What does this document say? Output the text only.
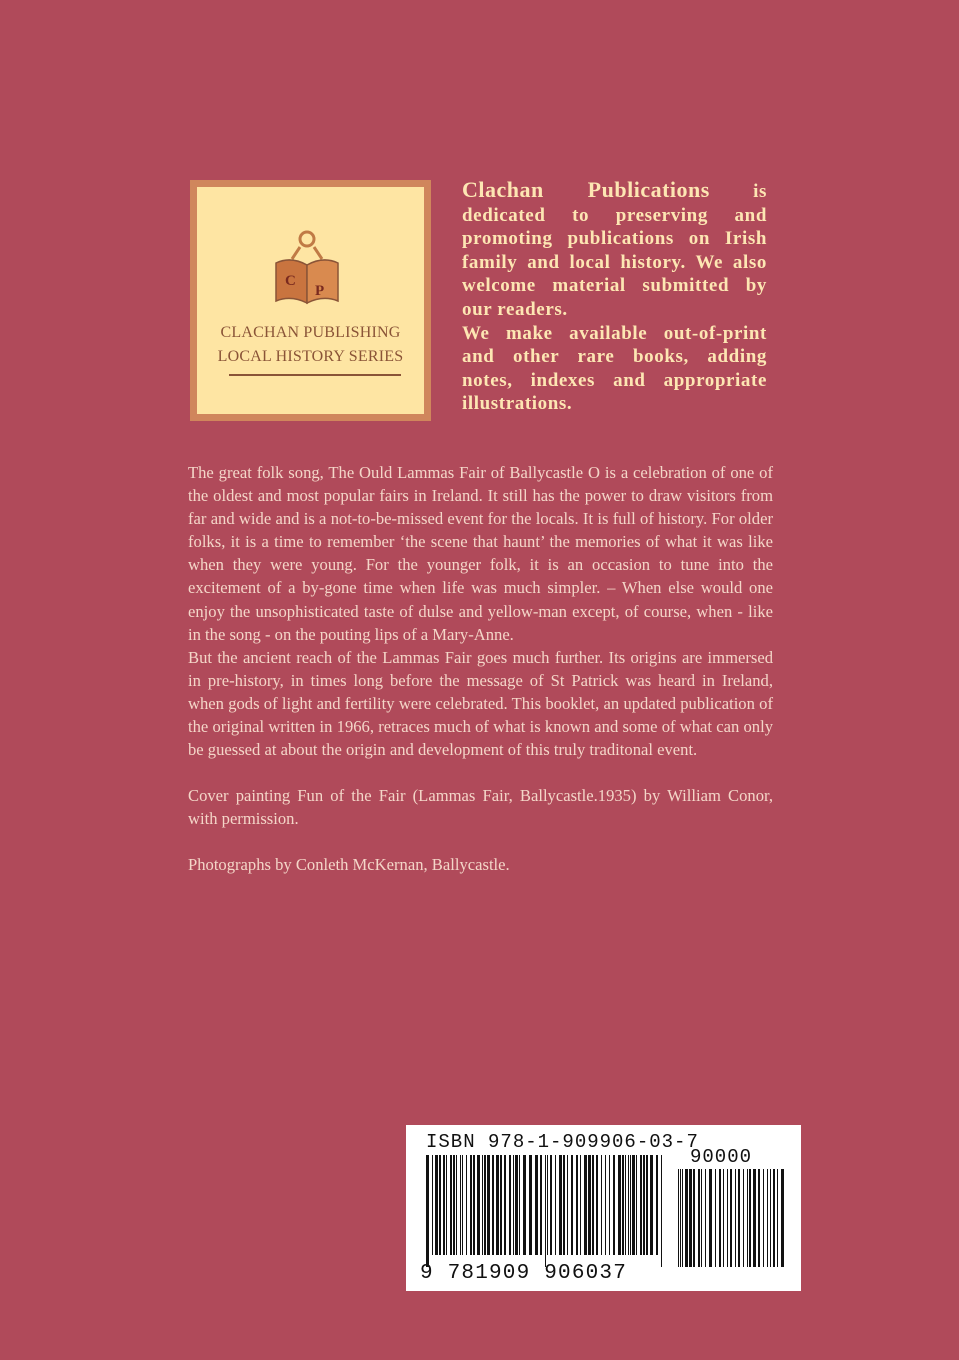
C
P
CLACHAN PUBLISHING
LOCAL HISTORY SERIES

Clachan Publications is dedicated to preserving and promoting publications on Irish family and local history. We also welcome material submitted by our readers.

We make available out-of-print and other rare books, adding notes, indexes and appropriate illustrations.

The great folk song, The Ould Lammas Fair of Ballycastle O is a celebration of one of the oldest and most popular fairs in Ireland. It still has the power to draw visitors from far and wide and is a not-to-be-missed event for the locals. It is full of history. For older folks, it is a time to remember ‘the scene that haunt’ the memories of what it was like when they were young. For the younger folk, it is an occasion to tune into the excitement of a by-gone time when life was much simpler. – When else would one enjoy the unsophisticated taste of dulse and yellow-man except, of course, when - like in the song - on the pouting lips of a Mary-Anne.

But the ancient reach of the Lammas Fair goes much further. Its origins are immersed in pre-history, in times long before the message of St Patrick was heard in Ireland, when gods of light and fertility were celebrated. This booklet, an updated publication of the original written in 1966, retraces much of what is known and some of what can only be guessed at about the origin and development of this truly traditonal event.

Cover painting Fun of the Fair (Lammas Fair, Ballycastle.1935) by William Conor, with permission.

Photographs by Conleth McKernan, Ballycastle.

ISBN 978-1-909906-03-7
90000
9 781909 906037
